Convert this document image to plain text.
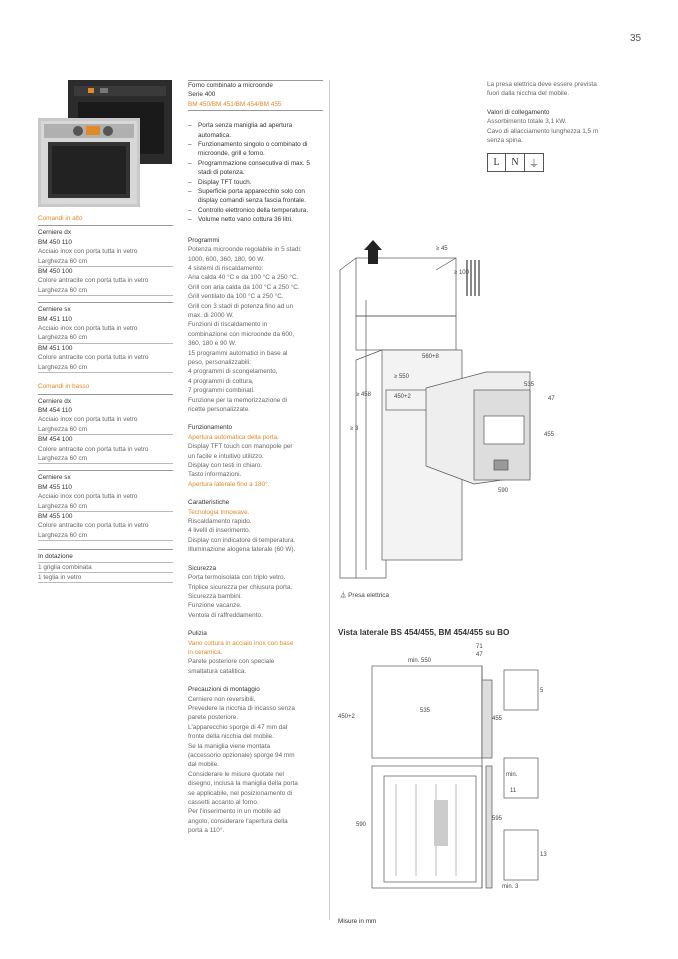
35
Comandi in alto
Cerniere dx
BM 450 110
Acciaio inox con porta tutta in vetro
Larghezza 60 cm
BM 450 100
Colore antracite con porta tutta in vetro
Larghezza 60 cm
Cerniere sx
BM 451 110
Acciaio inox con porta tutta in vetro
Larghezza 60 cm
BM 451 100
Colore antracite con porta tutta in vetro
Larghezza 60 cm
Comandi in basso
Cerniere dx
BM 454 110
Acciaio inox con porta tutta in vetro
Larghezza 60 cm
BM 454 100
Colore antracite con porta tutta in vetro
Larghezza 60 cm
Cerniere sx
BM 455 110
Acciaio inox con porta tutta in vetro
Larghezza 60 cm
BM 455 100
Colore antracite con porta tutta in vetro
Larghezza 60 cm
In dotazione
1 griglia combinata
1 teglia in vetro
Forno combinato a microonde
Serie 400
BM 450/BM 451/BM 454/BM 455
– Porta senza maniglia ad apertura automatica.
– Funzionamento singolo o combinato di microonde, grill e forno.
– Programmazione consecutiva di max. 5 stadi di potenza.
– Display TFT touch.
– Superficie porta apparecchio solo con display comandi senza fascia frontale.
– Controllo elettronico della temperatura.
– Volume netto vano cottura 36 litri.
Programmi
Potenza microonde regolabile in 5 stadi:
1000, 600, 360, 180, 90 W.
4 sistemi di riscaldamento:
Aria calda 40 °C e da 100 °C a 250 °C.
Grill con aria calda da 100 °C a 250 °C.
Grill ventilato da 100 °C a 250 °C.
Grill con 3 stadi di potenza fino ad un
max. di 2000 W.
Funzioni di riscaldamento in
combinazione con microonde da 600,
360, 180 e 90 W.
15 programmi automatici in base al
peso, personalizzabili:
4 programmi di scongelamento,
4 programmi di cottura,
7 programmi combinati.
Funzione per la memorizzazione di
ricette personalizzate.
Funzionamento
Apertura automatica della porta.
Display TFT touch con manopole per
un facile e intuitivo utilizzo.
Display con testi in chiaro.
Tasto informazioni.
Apertura laterale fino a 180°.
Caratteristiche
Tecnologia Innowave.
Riscaldamento rapido.
4 livelli di inserimento.
Display con indicatore di temperatura.
Illuminazione alogena laterale (60 W).
Sicurezza
Porta termoisolata con triplo vetro.
Triplice sicurezza per chiusura porta.
Sicurezza bambini.
Funzione vacanze.
Ventola di raffreddamento.
Pulizia
Vano cottura in acciaio inox con base
in ceramica.
Parete posteriore con speciale
smaltatura catalitica.
Precauzioni di montaggio
Cerniere non reversibili.
Prevedere la nicchia di incasso senza
parete posteriore.
L'apparecchio sporge di 47 mm dal
fronte della nicchia del mobile.
Se la maniglia viene montata
(accessorio opzionale) sporge 94 mm
dal mobile.
Considerare le misure quotate nel
disegno, inclusa la maniglia della porta
se applicabile, nel posizionamento di
cassetti accanto al forno.
Per l'inserimento in un mobile ad
angolo, considerare l'apertura della
porta a 110°.
La presa elettrica deve essere prevista
fuori dalla nicchia del mobile.
Valori di collegamento
Assorbimento totale 3,1 kW.
Cavo di allacciamento lunghezza 1,5 m
senza spina.
L	N	⏚
≥ 45
≥ 100
560+8
≥ 550
535
47
≥ 458	450+2
≥ 3
455
590
⏅ Presa elettrica
Vista laterale BS 454/455, BM 454/455 su BO
71
47
min. 550
535
450+2	455
5
min.
11
590
595
13
min. 3
Misure in mm
